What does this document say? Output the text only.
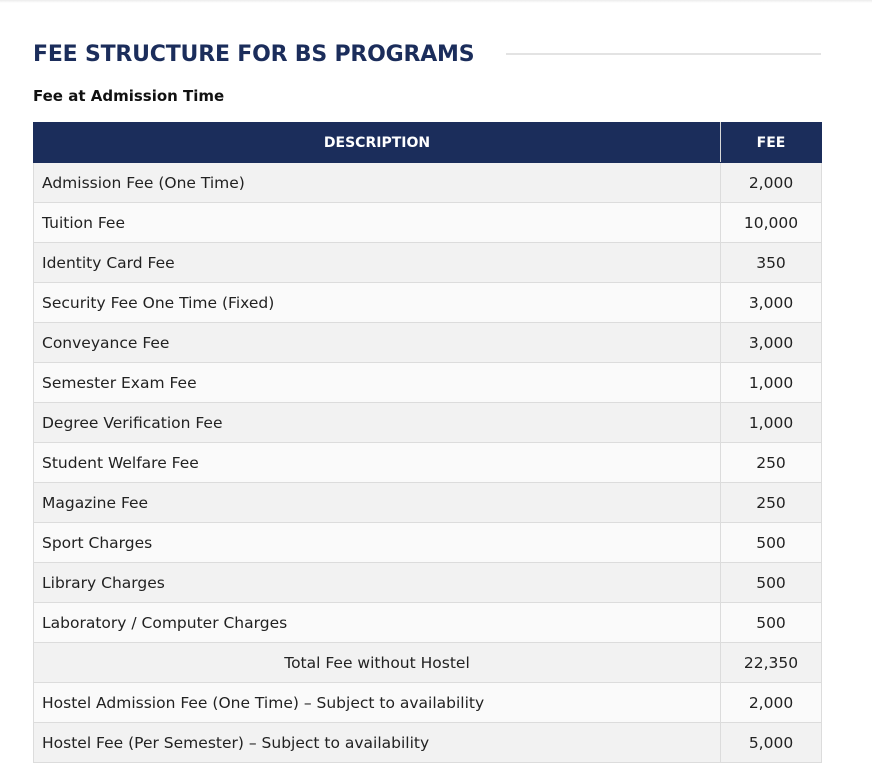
FEE STRUCTURE FOR BS PROGRAMS
Fee at Admission Time
DESCRIPTION	FEE
Admission Fee (One Time)	2,000
Tuition Fee	10,000
Identity Card Fee	350
Security Fee One Time (Fixed)	3,000
Conveyance Fee	3,000
Semester Exam Fee	1,000
Degree Verification Fee	1,000
Student Welfare Fee	250
Magazine Fee	250
Sport Charges	500
Library Charges	500
Laboratory / Computer Charges	500
Total Fee without Hostel	22,350
Hostel Admission Fee (One Time) – Subject to availability	2,000
Hostel Fee (Per Semester) – Subject to availability	5,000
